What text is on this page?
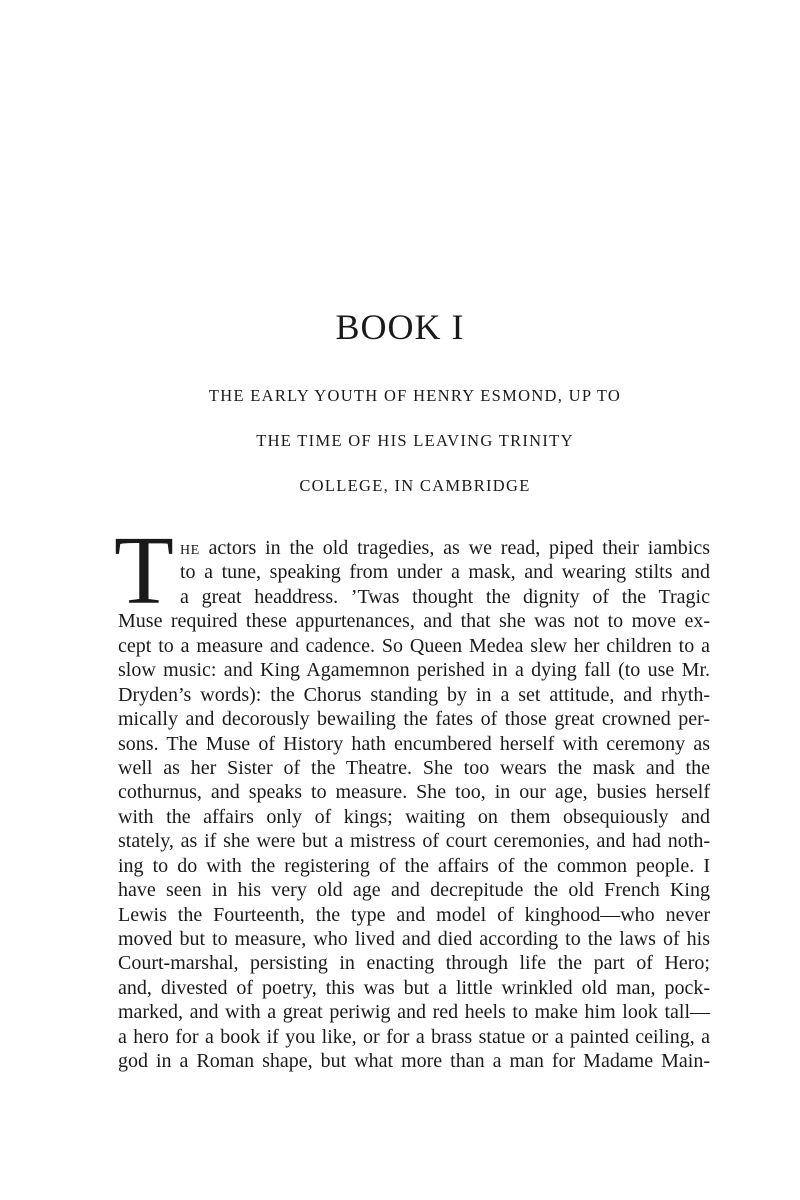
BOOK I
THE EARLY YOUTH OF HENRY ESMOND, UP TO
THE TIME OF HIS LEAVING TRINITY
COLLEGE, IN CAMBRIDGE
T he actors in the old tragedies, as we read, piped their iambics
to a tune, speaking from under a mask, and wearing stilts and
a great headdress. ’Twas thought the dignity of the Tragic
Muse required these appurtenances, and that she was not to move ex-
cept to a measure and cadence. So Queen Medea slew her children to a
slow music: and King Agamemnon perished in a dying fall (to use Mr.
Dryden’s words): the Chorus standing by in a set attitude, and rhyth-
mically and decorously bewailing the fates of those great crowned per-
sons. The Muse of History hath encumbered herself with ceremony as
well as her Sister of the Theatre. She too wears the mask and the
cothurnus, and speaks to measure. She too, in our age, busies herself
with the affairs only of kings; waiting on them obsequiously and
stately, as if she were but a mistress of court ceremonies, and had noth-
ing to do with the registering of the affairs of the common people. I
have seen in his very old age and decrepitude the old French King
Lewis the Fourteenth, the type and model of kinghood—who never
moved but to measure, who lived and died according to the laws of his
Court-marshal, persisting in enacting through life the part of Hero;
and, divested of poetry, this was but a little wrinkled old man, pock-
marked, and with a great periwig and red heels to make him look tall—
a hero for a book if you like, or for a brass statue or a painted ceiling, a
god in a Roman shape, but what more than a man for Madame Main-
